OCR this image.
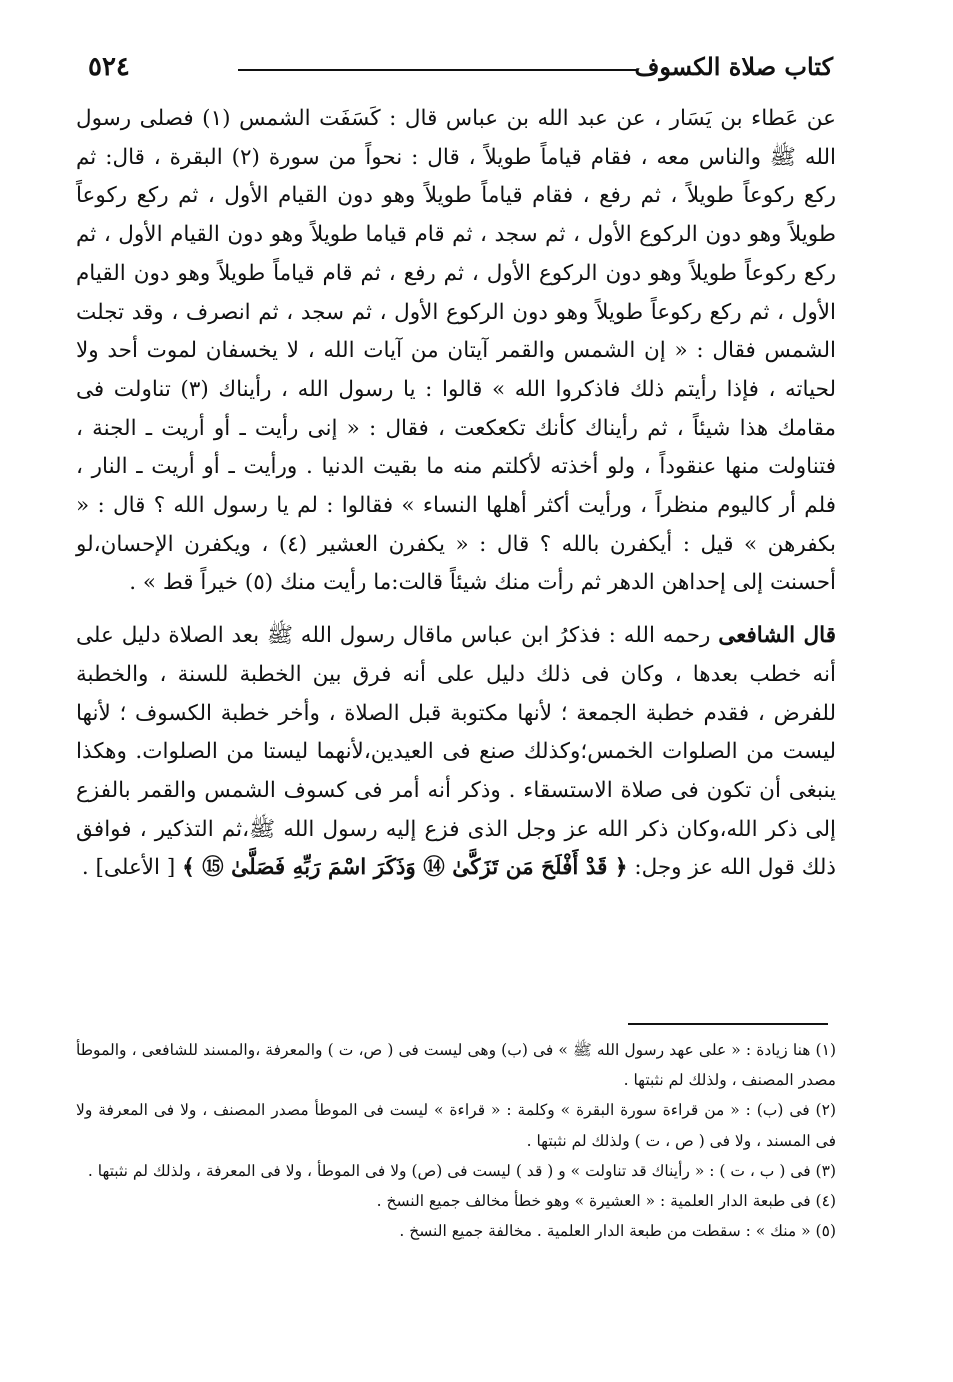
كتاب صلاة الكسوف
٥٢٤

عن عَطاء بن يَسَار ، عن عبد الله بن عباس قال : كَسَفَت الشمس (١) فصلى رسول الله ﷺ والناس معه ، فقام قياماً طويلاً ، قال : نحواً من سورة (٢) البقرة ، قال: ثم ركع ركوعاً طويلاً ، ثم رفع ، فقام قياماً طويلاً وهو دون القيام الأول ، ثم ركع ركوعاً طويلاً وهو دون الركوع الأول ، ثم سجد ، ثم قام قياما طويلاً وهو دون القيام الأول ، ثم ركع ركوعاً طويلاً وهو دون الركوع الأول ، ثم رفع ، ثم قام قياماً طويلاً وهو دون القيام الأول ، ثم ركع ركوعاً طويلاً وهو دون الركوع الأول ، ثم سجد ، ثم انصرف ، وقد تجلت الشمس فقال : « إن الشمس والقمر آيتان من آيات الله ، لا يخسفان لموت أحد ولا لحياته ، فإذا رأيتم ذلك فاذكروا الله » قالوا : يا رسول الله ، رأيناك (٣) تناولت فى مقامك هذا شيئاً ، ثم رأيناك كأنك تكعكعت ، فقال : « إنى رأيت ـ أو أريت ـ الجنة ، فتناولت منها عنقوداً ، ولو أخذته لأكلتم منه ما بقيت الدنيا . ورأيت ـ أو أريت ـ النار ، فلم أر كاليوم منظراً ، ورأيت أكثر أهلها النساء » فقالوا : لم يا رسول الله ؟ قال : « بكفرهن » قيل : أيكفرن بالله ؟ قال : « يكفرن العشير (٤) ، ويكفرن الإحسان،لو أحسنت إلى إحداهن الدهر ثم رأت منك شيئاً قالت:ما رأيت منك (٥) خيراً قط » .

قال الشافعى رحمه الله : فذكرُ ابن عباس ماقال رسول الله ﷺ بعد الصلاة دليل على أنه خطب بعدها ، وكان فى ذلك دليل على أنه فرق بين الخطبة للسنة ، والخطبة للفرض ، فقدم خطبة الجمعة ؛ لأنها مكتوبة قبل الصلاة ، وأخر خطبة الكسوف ؛ لأنها ليست من الصلوات الخمس؛وكذلك صنع فى العيدين،لأنهما ليستا من الصلوات. وهكذا ينبغى أن تكون فى صلاة الاستسقاء . وذكر أنه أمر فى كسوف الشمس والقمر بالفزع إلى ذكر الله،وكان ذكر الله عز وجل الذى فزع إليه رسول الله ﷺ،ثم التذكير ، فوافق ذلك قول الله عز وجل: ﴿ قَدْ أَفْلَحَ مَن تَزَكَّىٰ ⑭ وَذَكَرَ اسْمَ رَبِّهِ فَصَلَّىٰ ⑮ ﴾ [ الأعلى] .

(١) هنا زيادة : « على عهد رسول الله ﷺ » فى (ب) وهى ليست فى ( ص، ت ) والمعرفة ،والمسند للشافعى ، والموطأ مصدر المصنف ، ولذلك لم نثبتها .

(٢) فى (ب) : « من قراءة سورة البقرة » وكلمة : « قراءة » ليست فى الموطأ مصدر المصنف ، ولا فى المعرفة ولا فى المسند ، ولا فى ( ص ، ت ) ولذلك لم نثبتها .

(٣) فى ( ب ، ت ) : « رأيناك قد تناولت » و ( قد ) ليست فى (ص) ولا فى الموطأ ، ولا فى المعرفة ، ولذلك لم نثبتها .

(٤) فى طبعة الدار العلمية : « العشيرة » وهو خطأ مخالف جميع النسخ .

(٥) « منك » : سقطت من طبعة الدار العلمية . مخالفة جميع النسخ .
